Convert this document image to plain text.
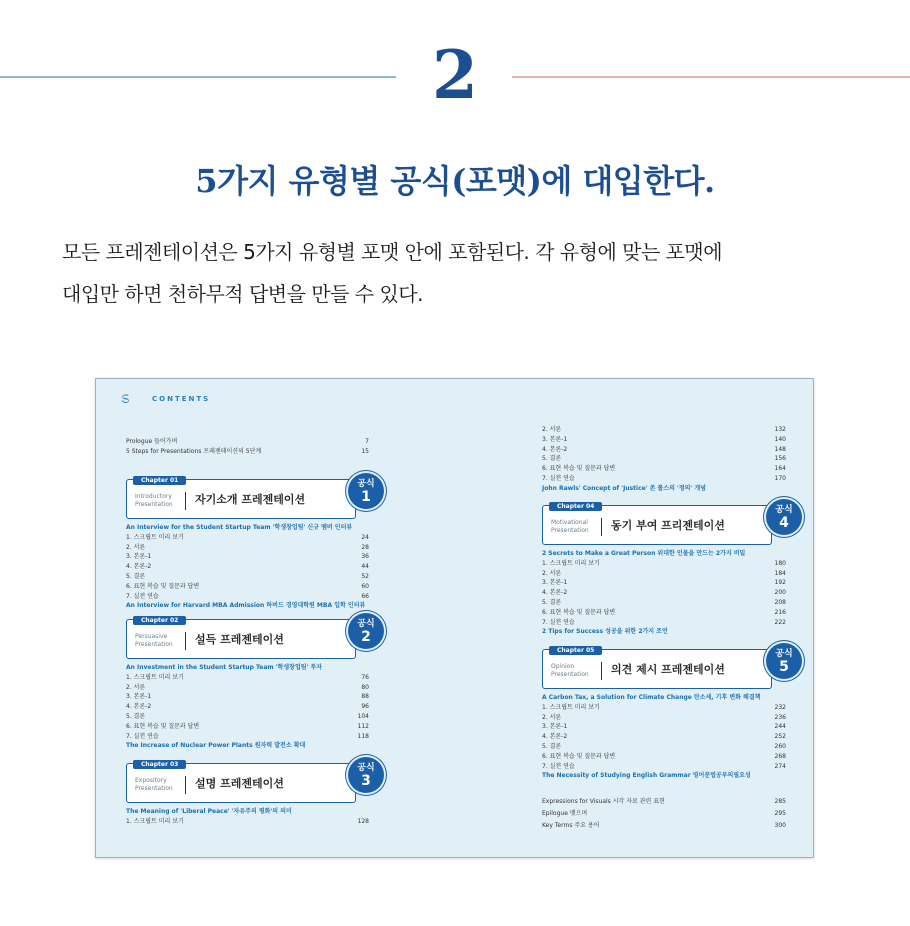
2
5가지 유형별 공식(포맷)에 대입한다.
모든 프레젠테이션은 5가지 유형별 포맷 안에 포함된다. 각 유형에 맞는 포맷에
대입만 하면 천하무적 답변을 만들 수 있다.
ಽ	CONTENTS
Prologue 들어가며	7
5 Steps for Presentations 프레젠테이션의 5단계	15
Chapter 01
Introductory Presentation	자기소개 프레젠테이션
공식
1
An Interview for the Student Startup Team '학생창업팀' 신규 멤버 인터뷰
1. 스크립트 미리 보기	24
2. 서론	28
3. 본론-1	36
4. 본론-2	44
5. 결론	52
6. 표현 복습 및 질문과 답변	60
7. 실전 연습	66
An Interview for Harvard MBA Admission 하버드 경영대학원 MBA 입학 인터뷰
Chapter 02
Persuasive Presentation	설득 프레젠테이션
공식
2
An Investment in the Student Startup Team '학생창업팀' 투자
1. 스크립트 미리 보기	76
2. 서론	80
3. 본론-1	88
4. 본론-2	96
5. 결론	104
6. 표현 복습 및 질문과 답변	112
7. 실전 연습	118
The Increase of Nuclear Power Plants 원자력 발전소 확대
Chapter 03
Expository Presentation	설명 프레젠테이션
공식
3
The Meaning of 'Liberal Peace' '자유주의 평화'의 의미
1. 스크립트 미리 보기	128
2. 서론	132
3. 본론-1	140
4. 본론-2	148
5. 결론	156
6. 표현 복습 및 질문과 답변	164
7. 실전 연습	170
John Rawls' Concept of 'Justice' 존 롤스의 '정의' 개념
Chapter 04
Motivational Presentation	동기 부여 프리젠테이션
공식
4
2 Secrets to Make a Great Person 위대한 인물을 만드는 2가지 비밀
1. 스크립트 미리 보기	180
2. 서론	184
3. 본론-1	192
4. 본론-2	200
5. 결론	208
6. 표현 복습 및 질문과 답변	216
7. 실전 연습	222
2 Tips for Success 성공을 위한 2가지 조언
Chapter 05
Opinion Presentation	의견 제시 프레젠테이션
공식
5
A Carbon Tax, a Solution for Climate Change 탄소세, 기후 변화 해결책
1. 스크립트 미리 보기	232
2. 서론	236
3. 본론-1	244
4. 본론-2	252
5. 결론	260
6. 표현 복습 및 질문과 답변	268
7. 실전 연습	274
The Necessity of Studying English Grammar 영어문법공부의필요성
Expressions for Visuals 시각 자료 관련 표현	285
Epilogue 맺으며	295
Key Terms 주요 용어	300
